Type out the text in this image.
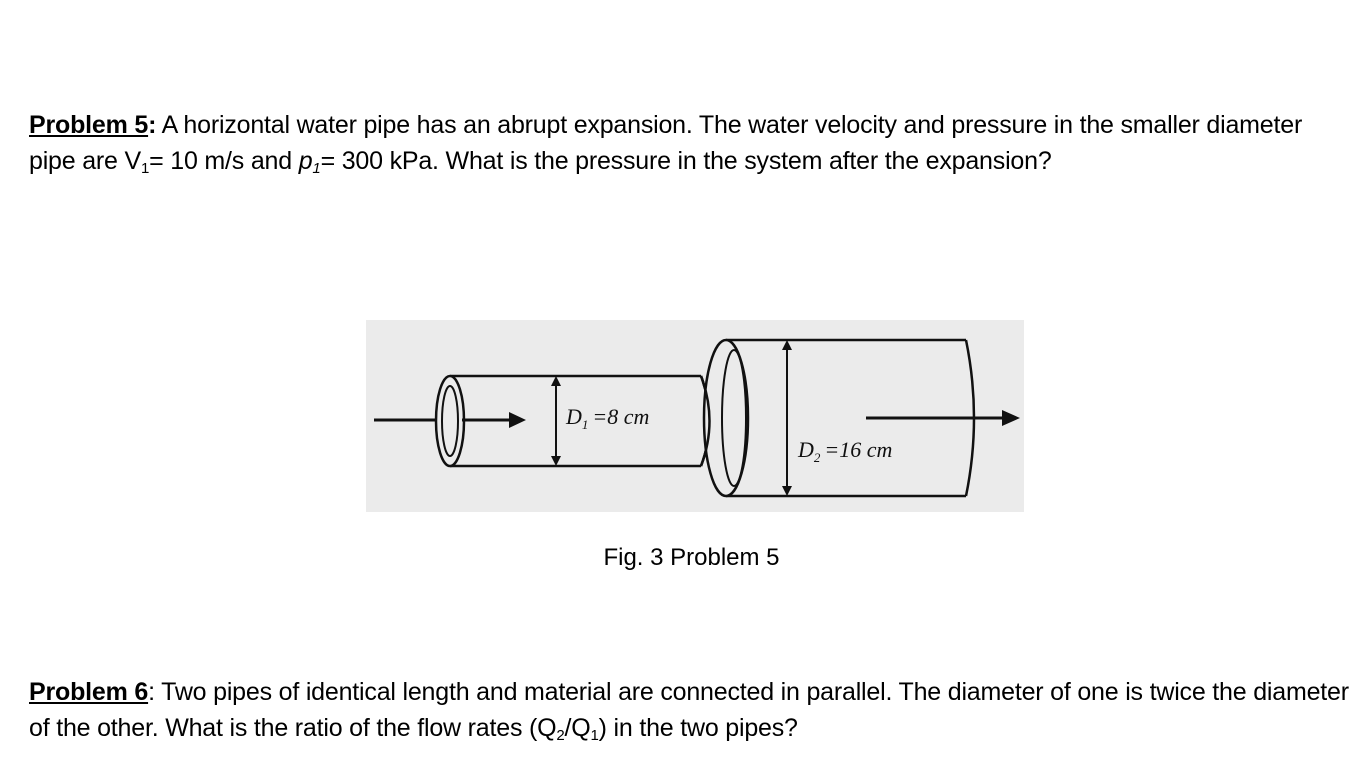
Problem 5: A horizontal water pipe has an abrupt expansion. The water velocity and pressure in the smaller diameter pipe are $V_1= 10$ m/s and $p_1= 300$ kPa. What is the pressure in the system after the expansion?
$D_1 =8$ cm
$D_2 =16$ cm
Fig. 3 Problem 5
Problem 6: Two pipes of identical length and material are connected in parallel. The diameter of one is twice the diameter of the other. What is the ratio of the flow rates $(Q_2/Q_1)$ in the two pipes?
